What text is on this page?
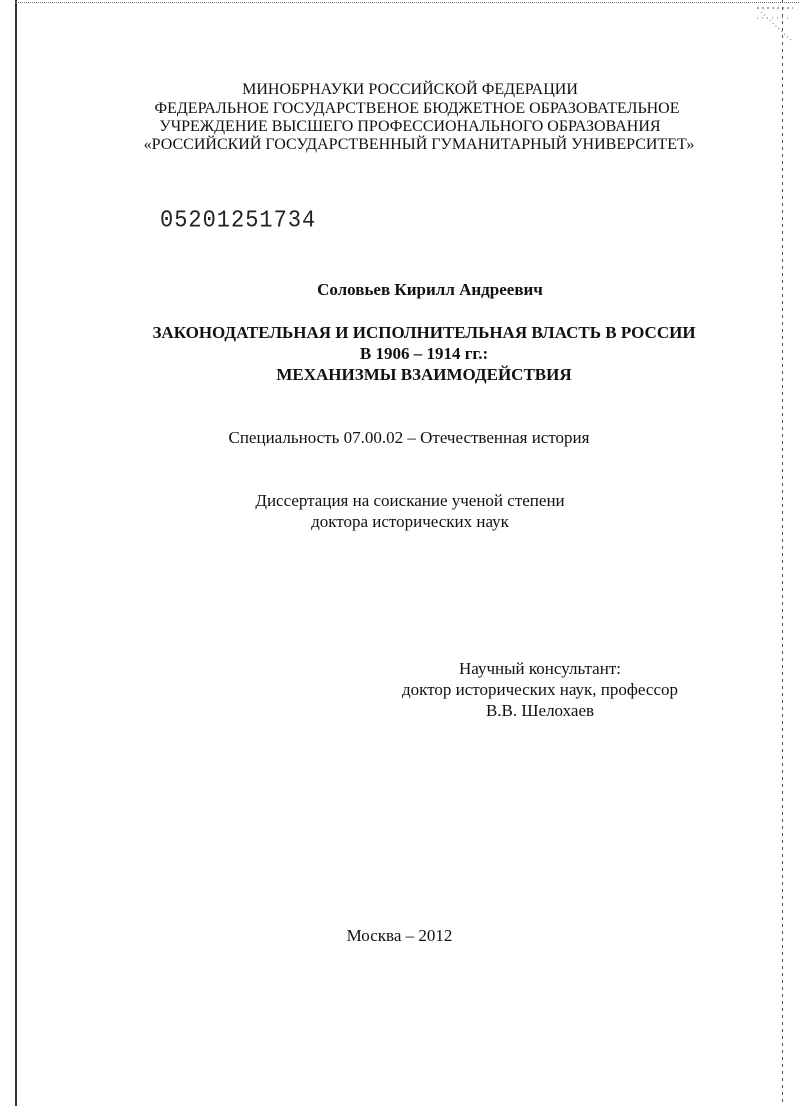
МИНОБРНАУКИ РОССИЙСКОЙ ФЕДЕРАЦИИ
ФЕДЕРАЛЬНОЕ ГОСУДАРСТВЕНОЕ БЮДЖЕТНОЕ ОБРАЗОВАТЕЛЬНОЕ
УЧРЕЖДЕНИЕ ВЫСШЕГО ПРОФЕССИОНАЛЬНОГО ОБРАЗОВАНИЯ
«РОССИЙСКИЙ ГОСУДАРСТВЕННЫЙ ГУМАНИТАРНЫЙ УНИВЕРСИТЕТ»
05201251734
Соловьев Кирилл Андреевич
ЗАКОНОДАТЕЛЬНАЯ И ИСПОЛНИТЕЛЬНАЯ ВЛАСТЬ В РОССИИ
В 1906 – 1914 гг.:
МЕХАНИЗМЫ ВЗАИМОДЕЙСТВИЯ
Специальность 07.00.02 – Отечественная история
Диссертация на соискание ученой степени
доктора исторических наук
Научный консультант:
доктор исторических наук, профессор
В.В. Шелохаев
Москва – 2012
